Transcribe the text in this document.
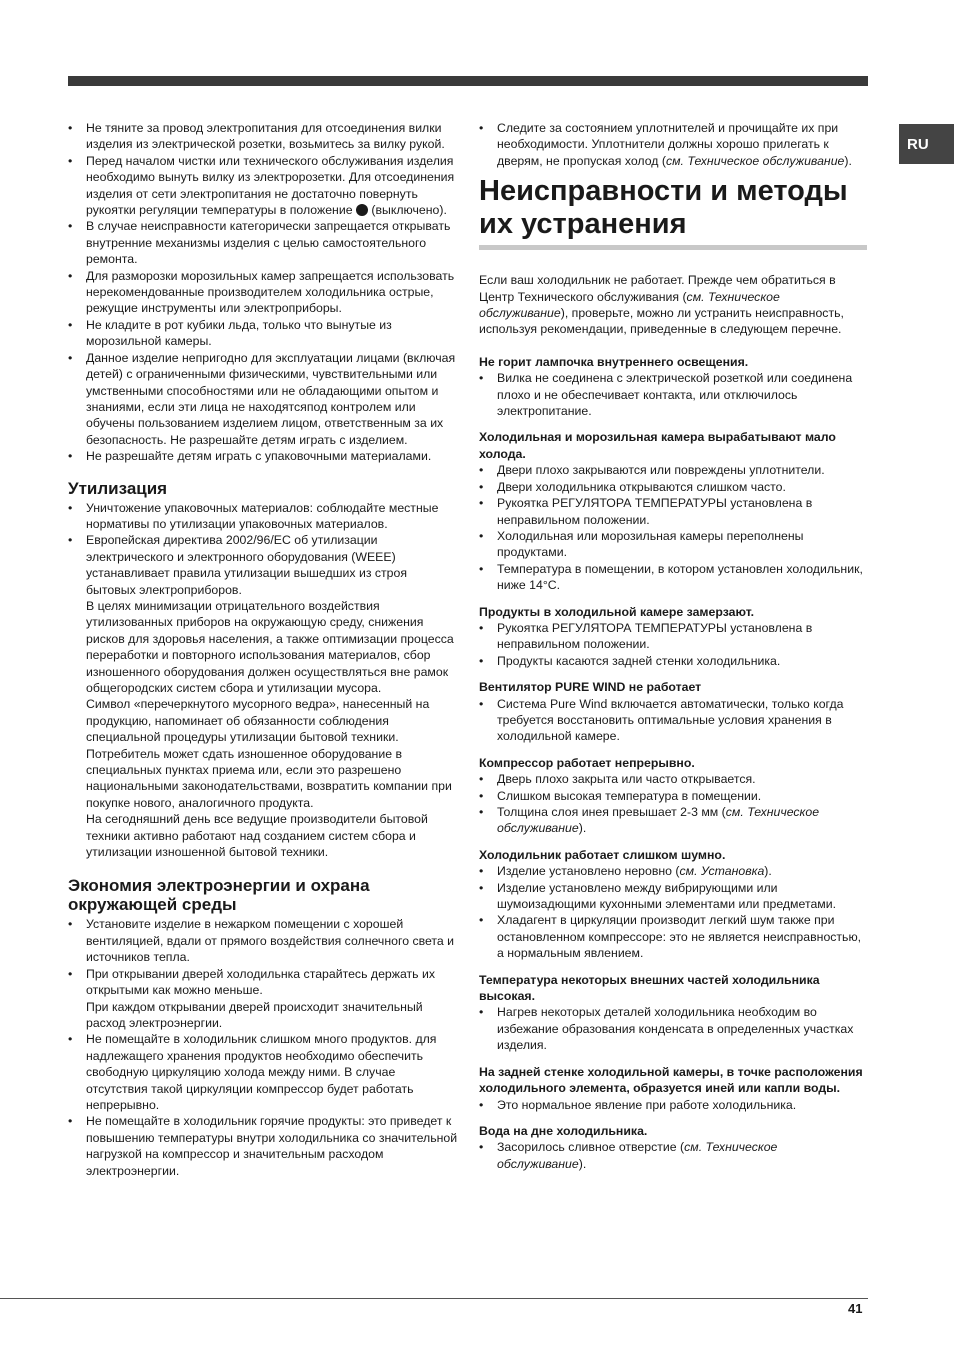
RU
• Не тяните за провод электропитания для отсоединения вилки изделия из электрической розетки, возьмитесь за вилку рукой.
• Перед началом чистки или технического обслуживания изделия необходимо вынуть вилку из электророзетки. Для отсоединения изделия от сети электропитания не достаточно повернуть рукоятки регуляции температуры в положение  (выключено).
• В случае неисправности категорически запрещается открывать внутренние механизмы изделия с целью самостоятельного ремонта.
• Для разморозки морозильных камер запрещается использовать нерекомендованные производителем холодильника острые, режущие инструменты или электроприборы.
• Не кладите в рот кубики льда, только что вынутые из морозильной камеры.
• Данное изделие непригодно для эксплуатации лицами (включая детей) с ограниченными физическими, чувствительными или умственными способностями или не обладающими опытом и знаниями, если эти лица не находятсяпод контролем или обучены пользованием изделием лицом, ответственным за их безопасность. Не разрешайте детям играть с изделием.
• Не разрешайте детям играть с упаковочными материалами.
Утилизация
• Уничтожение упаковочных материалов: соблюдайте местные нормативы по утилизации упаковочных материалов.
• Европейская директива 2002/96/ЕС об утилизации электрического и электронного оборудования (WEEE) устанавливает правила утилизации вышедших из строя бытовых электроприборов.
В целях минимизации отрицательного воздействия утилизованных приборов на окружающую среду, снижения рисков для здоровья населения, а также оптимизации процесса переработки и повторного использования материалов, сбор изношенного оборудования должен осуществляться вне рамок общегородских систем сбора и утилизации мусора.
Символ «перечеркнутого мусорного ведра», нанесенный на продукцию, напоминает об обязанности соблюдения специальной процедуры утилизации бытовой техники.
Потребитель может сдать изношенное оборудование в специальных пунктах приема или, если это разрешено национальными законодательствами, возвратить компании при покупке нового, аналогичного продукта.
На сегодняшний день все ведущие производители бытовой техники активно работают над созданием систем сбора и утилизации изношенной бытовой техники.
Экономия электроэнергии и охрана окружающей среды
• Установите изделие в нежарком помещении с хорошей вентиляцией, вдали от прямого воздействия солнечного света и источников тепла.
• При открывании дверей холодильнка старайтесь держать их открытыми как можно меньше.
При каждом открывании дверей происходит значительный расход электроэнергии.
• Не помещайте в холодильник слишком много продуктов. для надлежащего хранения продуктов необходимо обеспечить свободную циркуляцию холода между ними. В случае отсутствия такой циркуляции компрессор будет работать непрерывно.
• Не помещайте в холодильник горячие продукты: это приведет к повышению температуры внутри холодильника со значительной нагрузкой на компрессор и значительным расходом электроэнергии.
• Следите за состоянием уплотнителей и прочищайте их при необходимости. Уплотнители должны хорошо прилегать к дверям, не пропуская холод (см. Техническое обслуживание).
Неисправности и методы их устранения

Если ваш холодильник не работает. Прежде чем обратиться в Центр Технического обслуживания (см. Техническое обслуживание), проверьте, можно ли устранить неисправность, используя рекомендации, приведенные в следующем перечне.

Не горит лампочка внутреннего освещения.
• Вилка не соединена с электрической розеткой или соединена плохо и не обеспечивает контакта, или отключилось электропитание.
Холодильная и морозильная камера вырабатывают мало холода.
• Двери плохо закрываются или повреждены уплотнители.
• Двери холодильника открываются слишком часто.
• Рукоятка РЕГУЛЯТОРА ТЕМПЕРАТУРЫ установлена в неправильном положении.
• Холодильная или морозильная камеры переполнены продуктами.
• Температура в помещении, в котором установлен холодильник, ниже 14°С.
Продукты в холодильной камере замерзают.
• Рукоятка РЕГУЛЯТОРА ТЕМПЕРАТУРЫ установлена в неправильном положении.
• Продукты касаются задней стенки холодильника.
Вентилятор PURE WIND не работает
• Система Pure Wind включается автоматически, только когда требуется восстановить оптимальные условия хранения в холодильной камере.
Компрессор работает непрерывно.
• Дверь плохо закрыта или часто открывается.
• Слишком высокая температура в помещении.
• Толщина слоя инея превышает 2-3 мм (см. Техническое обслуживание).
Холодильник работает слишком шумно.
• Изделие установлено неровно (см. Установка).
• Изделие установлено между вибрирующими или шумоизадющими кухонными элементами или предметами.
• Хладагент в циркуляции производит легкий шум также при остановленном компрессоре: это не является неисправностью, а нормальным явлением.
Температура некоторых внешних частей холодильника высокая.
• Нагрев некоторых деталей холодильника необходим во избежание образования конденсата в определенных участках изделия.
На задней стенке холодильной камеры, в точке расположения холодильного элемента, образуется иней или капли воды.
• Это нормальное явление при работе холодильника.
Вода на дне холодильника.
• Засорилось сливное отверстие (см. Техническое обслуживание).
41
